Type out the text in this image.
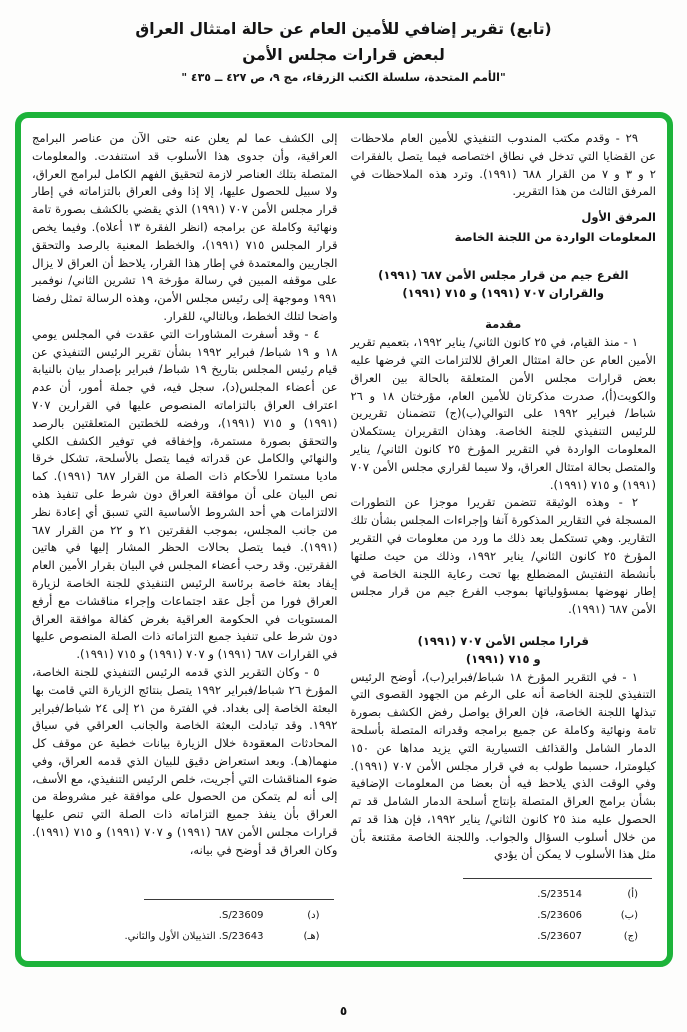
(تابع) تقرير إضافي للأمين العام عن حالة امتثال العراق
لبعض قرارات مجلس الأمن
"الأمم المتحدة، سلسلة الكتب الزرقاء، مج ٩، ص ٤٢٧ ــ ٤٣٥ "

٢٩ - وقدم مكتب المندوب التنفيذي للأمين العام ملاحظات عن القضايا التي تدخل في نطاق اختصاصه فيما يتصل بالفقرات ٢ و ٣ و ٧ من القرار ٦٨٨ (١٩٩١). وترد هذه الملاحظات في المرفق الثالث من هذا التقرير.

المرفق الأول
المعلومات الواردة من اللجنة الخاصة
الفرع جيم من قرار مجلس الأمن ٦٨٧ (١٩٩١)
والقراران ٧٠٧ (١٩٩١) و ٧١٥ (١٩٩١)
مقدمة

١ - منذ القيام، في ٢٥ كانون الثاني/ يناير ١٩٩٢، بتعميم تقرير الأمين العام عن حالة امتثال العراق للالتزامات التي فرضها عليه بعض قرارات مجلس الأمن المتعلقة بالحالة بين العراق والكويت(أ)، صدرت مذكرتان للأمين العام، مؤرختان ١٨ و ٢٦ شباط/ فبراير ١٩٩٢ على التوالي(ب)(ج) تتضمنان تقريرين للرئيس التنفيذي للجنة الخاصة. وهذان التقريران يستكملان المعلومات الواردة في التقرير المؤرخ ٢٥ كانون الثاني/ يناير والمتصل بحالة امتثال العراق، ولا سيما لقراري مجلس الأمن ٧٠٧ (١٩٩١) و ٧١٥ (١٩٩١).

٢ - وهذه الوثيقة تتضمن تقريرا موجزا عن التطورات المسجلة في التقارير المذكورة آنفا وإجراءات المجلس بشأن تلك التقارير. وهي تستكمل بعد ذلك ما ورد من معلومات في التقرير المؤرخ ٢٥ كانون الثاني/ يناير ١٩٩٢، وذلك من حيث صلتها بأنشطة التفتيش المضطلع بها تحت رعاية اللجنة الخاصة في إطار نهوضها بمسؤولياتها بموجب الفرع جيم من قرار مجلس الأمن ٦٨٧ (١٩٩١).

قرارا مجلس الأمن ٧٠٧ (١٩٩١)
و ٧١٥ (١٩٩١)

١ - في التقرير المؤرخ ١٨ شباط/فبراير(ب)، أوضح الرئيس التنفيذي للجنة الخاصة أنه على الرغم من الجهود القصوى التي تبذلها اللجنة الخاصة، فإن العراق يواصل رفض الكشف بصورة تامة ونهائية وكاملة عن جميع برامجه وقدراته المتصلة بأسلحة الدمار الشامل والقذائف التسيارية التي يزيد مداها عن ١٥٠ كيلومترا، حسبما طولب به في قرار مجلس الأمن ٧٠٧ (١٩٩١). وفي الوقت الذي يلاحظ فيه أن بعضا من المعلومات الإضافية بشأن برامج العراق المتصلة بإنتاج أسلحة الدمار الشامل قد تم الحصول عليه منذ ٢٥ كانون الثاني/ يناير ١٩٩٢، فإن هذا قد تم من خلال أسلوب السؤال والجواب. واللجنة الخاصة مقتنعة بأن مثل هذا الأسلوب لا يمكن أن يؤدي

(أ)
S/23514.
(ب)
S/23606.
(ج)
S/23607.

إلى الكشف عما لم يعلن عنه حتى الآن من عناصر البرامج العراقية، وأن جدوى هذا الأسلوب قد استنفدت. والمعلومات المتصلة بتلك العناصر لازمة لتحقيق الفهم الكامل لبرامج العراق، ولا سبيل للحصول عليها، إلا إذا وفى العراق بالتزاماته في إطار قرار مجلس الأمن ٧٠٧ (١٩٩١) الذي يقضي بالكشف بصورة تامة ونهائية وكاملة عن برامجه (انظر الفقرة ١٣ أعلاه). وفيما يخص قرار المجلس ٧١٥ (١٩٩١)، والخطط المعنية بالرصد والتحقق الجاريين والمعتمدة في إطار هذا القرار، يلاحظ أن العراق لا يزال على موقفه المبين في رسالة مؤرخة ١٩ تشرين الثاني/ نوفمبر ١٩٩١ وموجهة إلى رئيس مجلس الأمن، وهذه الرسالة تمثل رفضا واضحا لتلك الخطط، وبالتالي، للقرار.

٤ - وقد أسفرت المشاورات التي عقدت في المجلس يومي ١٨ و ١٩ شباط/ فبراير ١٩٩٢ بشأن تقرير الرئيس التنفيذي عن قيام رئيس المجلس بتاريخ ١٩ شباط/ فبراير بإصدار بيان بالنيابة عن أعضاء المجلس(د)، سجل فيه، في جملة أمور، أن عدم اعتراف العراق بالتزاماته المنصوص عليها في القرارين ٧٠٧ (١٩٩١) و ٧١٥ (١٩٩١)، ورفضه للخطتين المتعلقتين بالرصد والتحقق بصورة مستمرة، وإخفاقه في توفير الكشف الكلي والنهائي والكامل عن قدراته فيما يتصل بالأسلحة، تشكل خرقا ماديا مستمرا للأحكام ذات الصلة من القرار ٦٨٧ (١٩٩١). كما نص البيان على أن موافقة العراق دون شرط على تنفيذ هذه الالتزامات هي أحد الشروط الأساسية التي تسبق أي إعادة نظر من جانب المجلس، بموجب الفقرتين ٢١ و ٢٢ من القرار ٦٨٧ (١٩٩١). فيما يتصل بحالات الحظر المشار إليها في هاتين الفقرتين. وقد رحب أعضاء المجلس في البيان بقرار الأمين العام إيفاد بعثة خاصة برئاسة الرئيس التنفيذي للجنة الخاصة لزيارة العراق فورا من أجل عقد اجتماعات وإجراء مناقشات مع أرفع المستويات في الحكومة العراقية بغرض كفالة موافقة العراق دون شرط على تنفيذ جميع التزاماته ذات الصلة المنصوص عليها في القرارات ٦٨٧ (١٩٩١) و ٧٠٧ (١٩٩١) و ٧١٥ (١٩٩١).

٥ - وكان التقرير الذي قدمه الرئيس التنفيذي للجنة الخاصة، المؤرخ ٢٦ شباط/فبراير ١٩٩٢ يتصل بنتائج الزيارة التي قامت بها البعثة الخاصة إلى بغداد. في الفترة من ٢١ إلى ٢٤ شباط/فبراير ١٩٩٢. وقد تبادلت البعثة الخاصة والجانب العراقي في سياق المحادثات المعقودة خلال الزيارة بيانات خطية عن موقف كل منهما(هـ). وبعد استعراض دقيق للبيان الذي قدمه العراق، وفي ضوء المناقشات التي أجريت، خلص الرئيس التنفيذي، مع الأسف، إلى أنه لم يتمكن من الحصول على موافقة غير مشروطة من العراق بأن ينفذ جميع التزاماته ذات الصلة التي تنص عليها قرارات مجلس الأمن ٦٨٧ (١٩٩١) و ٧٠٧ (١٩٩١) و ٧١٥ (١٩٩١). وكان العراق قد أوضح في بيانه،

(د)
S/23609.
(هـ)
S/23643. التذييلان الأول والثاني.
٥
